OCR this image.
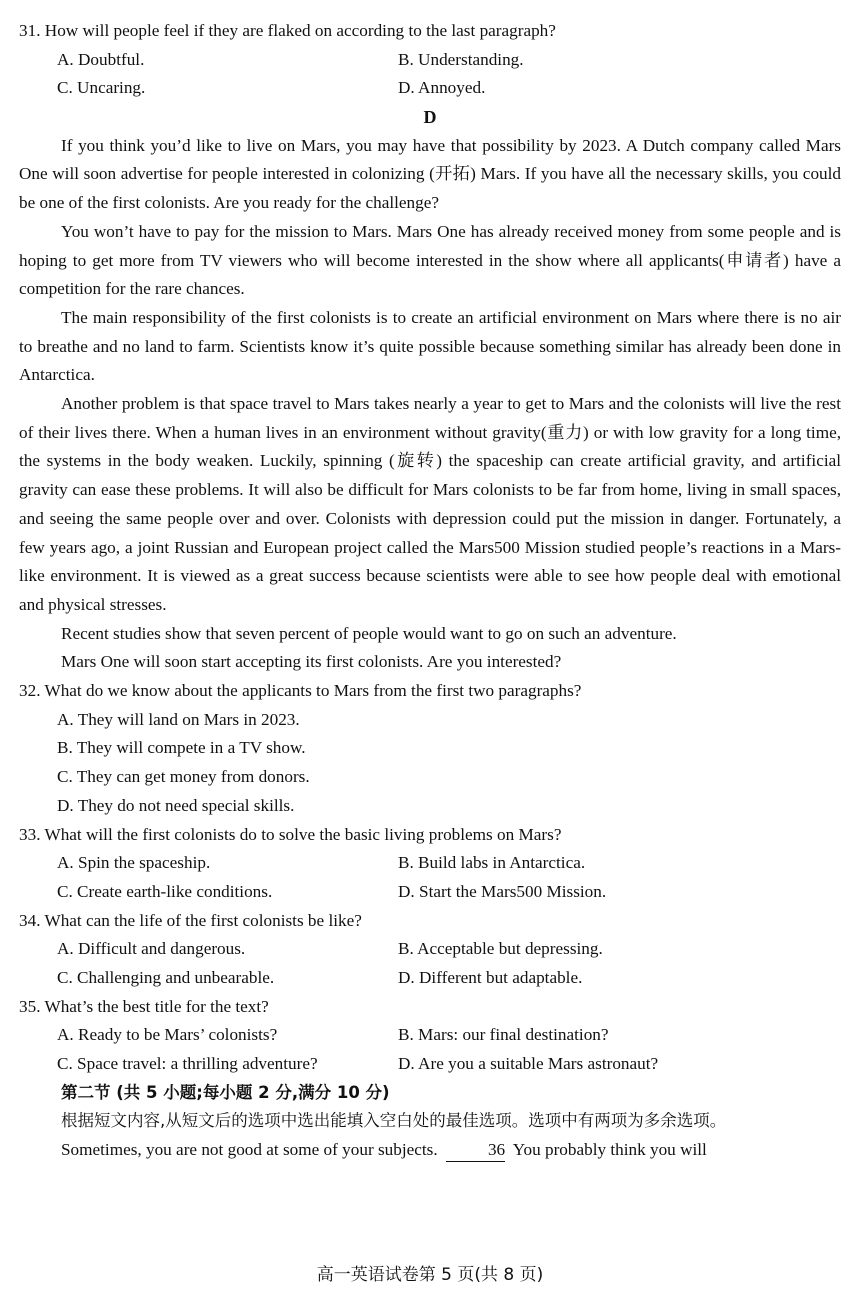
31. How will people feel if they are flaked on according to the last paragraph?
A. Doubtful.	B. Understanding.
C. Uncaring.	D. Annoyed.
D

If you think you’d like to live on Mars, you may have that possibility by 2023. A Dutch company called Mars One will soon advertise for people interested in colonizing (开拓) Mars. If you have all the necessary skills, you could be one of the first colonists. Are you ready for the challenge?

You won’t have to pay for the mission to Mars. Mars One has already received money from some people and is hoping to get more from TV viewers who will become interested in the show where all applicants(申请者) have a competition for the rare chances.

The main responsibility of the first colonists is to create an artificial environment on Mars where there is no air to breathe and no land to farm. Scientists know it’s quite possible because something similar has already been done in Antarctica.

Another problem is that space travel to Mars takes nearly a year to get to Mars and the colonists will live the rest of their lives there. When a human lives in an environment without gravity(重力) or with low gravity for a long time, the systems in the body weaken. Luckily, spinning (旋转) the spaceship can create artificial gravity, and artificial gravity can ease these problems. It will also be difficult for Mars colonists to be far from home, living in small spaces, and seeing the same people over and over. Colonists with depression could put the mission in danger. Fortunately, a few years ago, a joint Russian and European project called the Mars500 Mission studied people’s reactions in a Mars-like environment. It is viewed as a great success because scientists were able to see how people deal with emotional and physical stresses.

Recent studies show that seven percent of people would want to go on such an adventure.

Mars One will soon start accepting its first colonists. Are you interested?

32. What do we know about the applicants to Mars from the first two paragraphs?
A. They will land on Mars in 2023.
B. They will compete in a TV show.
C. They can get money from donors.
D. They do not need special skills.
33. What will the first colonists do to solve the basic living problems on Mars?
A. Spin the spaceship.	B. Build labs in Antarctica.
C. Create earth-like conditions.	D. Start the Mars500 Mission.
34. What can the life of the first colonists be like?
A. Difficult and dangerous.	B. Acceptable but depressing.
C. Challenging and unbearable.	D. Different but adaptable.
35. What’s the best title for the text?
A. Ready to be Mars’ colonists?	B. Mars: our final destination?
C. Space travel: a thrilling adventure?	D. Are you a suitable Mars astronaut?
第二节 (共 5 小题;每小题 2 分,满分 10 分)

根据短文内容,从短文后的选项中选出能填入空白处的最佳选项。选项中有两项为多余选项。

Sometimes, you are not good at some of your subjects.	36 You probably think you will

高一英语试卷第 5 页(共 8 页)
